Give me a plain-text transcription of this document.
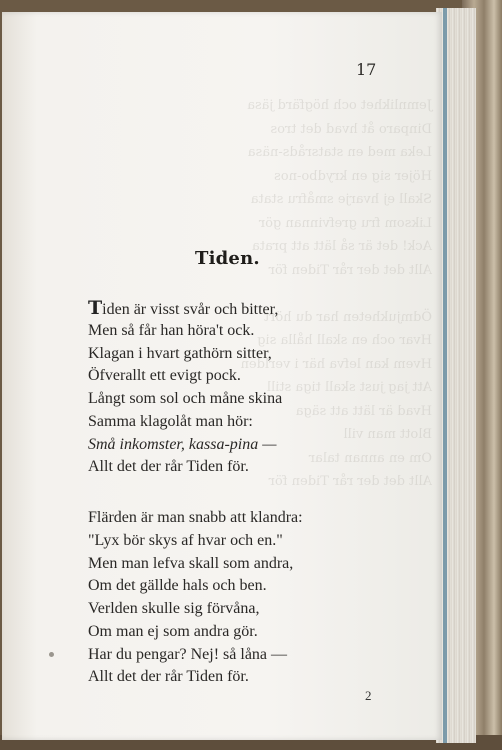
Jemnlikhet och högfärd jäsa
Dinparo åt hvad det tros
Leka med en statsråds-näsa
Höjer sig en krydbo-nos
Skall ej hvarje småfru stata
Liksom fru grefvinnan gör
Ack! det är så lätt att prata
Allt det der rår Tiden för

Ödmjukheten har du hört
Hvar och en skall hålla sig
Hvem kan lefva här i verlden
Att jag just skall tiga still
Hvad är lätt att säga
Blott man vill
Om en annan talar
Allt det der rår Tiden för
17
Tiden.
Tiden är visst svår och bitter,
Men så får han höra't ock.
Klagan i hvart gathörn sitter,
Öfverallt ett evigt pock.
Långt som sol och måne skina
Samma klagolåt man hör:
Små inkomster, kassa-pina —
Allt det der rår Tiden för.
Flärden är man snabb att klandra:
"Lyx bör skys af hvar och en."
Men man lefva skall som andra,
Om det gällde hals och ben.
Verlden skulle sig förvåna,
Om man ej som andra gör.
Har du pengar? Nej! så låna —
Allt det der rår Tiden för.
2
